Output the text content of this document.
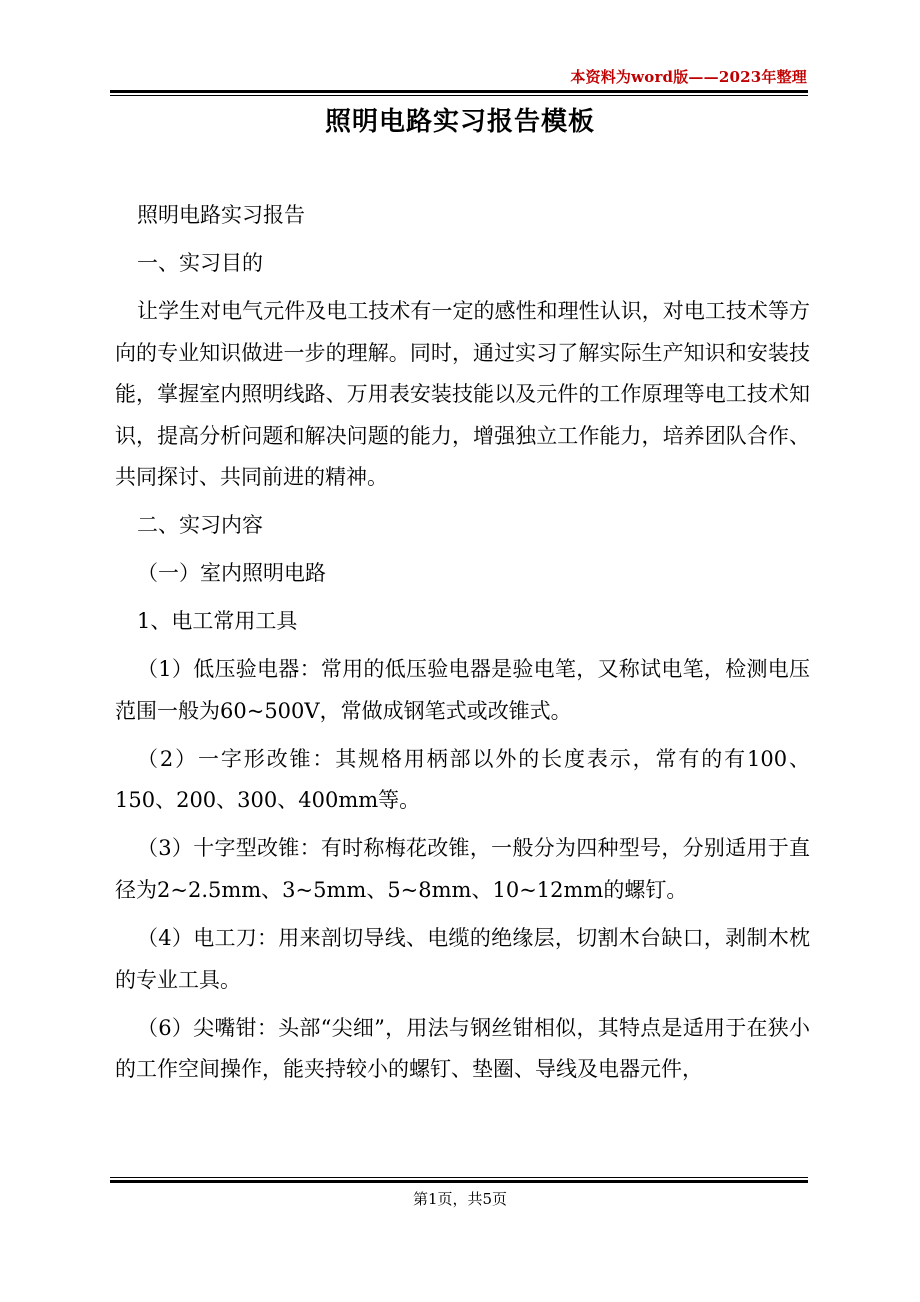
本资料为word版——2023年整理
照明电路实习报告模板

照明电路实习报告

一、实习目的

让学生对电气元件及电工技术有一定的感性和理性认识，对电工技术等方向的专业知识做进一步的理解。同时，通过实习了解实际生产知识和安装技能，掌握室内照明线路、万用表安装技能以及元件的工作原理等电工技术知识，提高分析问题和解决问题的能力，增强独立工作能力，培养团队合作、共同探讨、共同前进的精神。

二、实习内容

（一）室内照明电路

1、电工常用工具

（1）低压验电器：常用的低压验电器是验电笔，又称试电笔，检测电压范围一般为60~500V，常做成钢笔式或改锥式。

（2）一字形改锥：其规格用柄部以外的长度表示，常有的有100、150、200、300、400mm等。

（3）十字型改锥：有时称梅花改锥，一般分为四种型号，分别适用于直径为2~2.5mm、3~5mm、5~8mm、10~12mm的螺钉。

（4）电工刀：用来剖切导线、电缆的绝缘层，切割木台缺口，剥制木枕的专业工具。

（6）尖嘴钳：头部“尖细”，用法与钢丝钳相似，其特点是适用于在狭小的工作空间操作，能夹持较小的螺钉、垫圈、导线及电器元件，

第1页，共5页
